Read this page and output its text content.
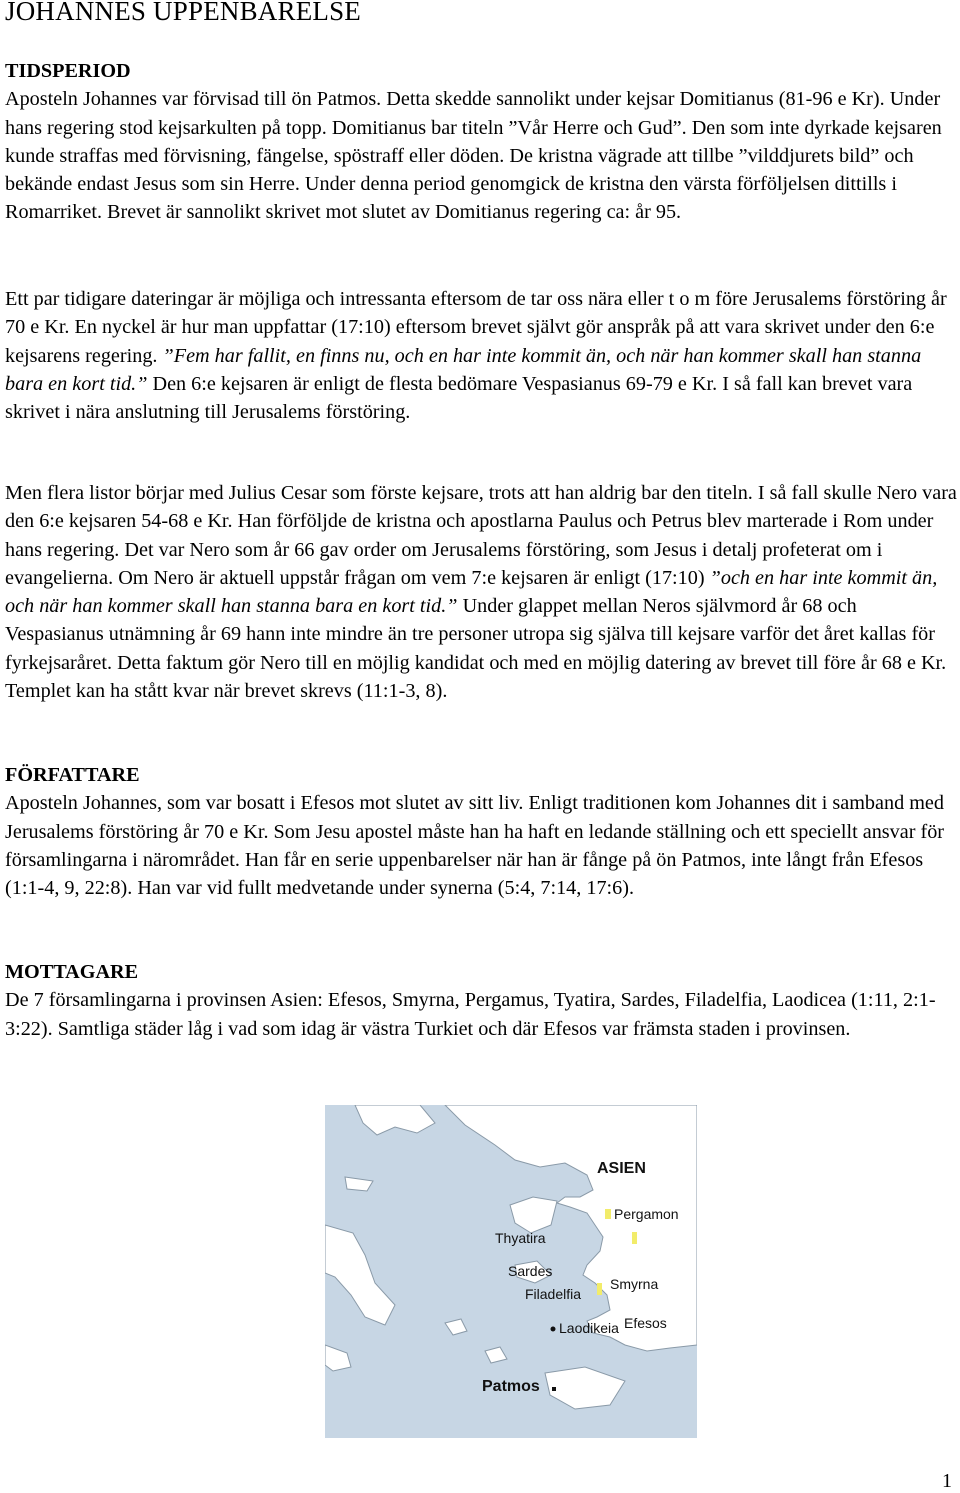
JOHANNES UPPENBARELSE
TIDSPERIOD

Aposteln Johannes var förvisad till ön Patmos. Detta skedde sannolikt under kejsar Domitianus (81-96 e Kr). Under hans regering stod kejsarkulten på topp. Domitianus bar titeln ”Vår Herre och Gud”. Den som inte dyrkade kejsaren kunde straffas med förvisning, fängelse, spöstraff eller döden. De kristna vägrade att tillbe ”vilddjurets bild” och bekände endast Jesus som sin Herre. Under denna period genomgick de kristna den värsta förföljelsen dittills i Romarriket. Brevet är sannolikt skrivet mot slutet av Domitianus regering ca: år 95.

Ett par tidigare dateringar är möjliga och intressanta eftersom de tar oss nära eller t o m före Jerusalems förstöring år 70 e Kr. En nyckel är hur man uppfattar (17:10) eftersom brevet självt gör anspråk på att vara skrivet under den 6:e kejsarens regering. ”Fem har fallit, en finns nu, och en har inte kommit än, och när han kommer skall han stanna bara en kort tid.” Den 6:e kejsaren är enligt de flesta bedömare Vespasianus 69-79 e Kr. I så fall kan brevet vara skrivet i nära anslutning till Jerusalems förstöring.

Men flera listor börjar med Julius Cesar som förste kejsare, trots att han aldrig bar den titeln. I så fall skulle Nero vara den 6:e kejsaren 54-68 e Kr. Han förföljde de kristna och apostlarna Paulus och Petrus blev marterade i Rom under hans regering. Det var Nero som år 66 gav order om Jerusalems förstöring, som Jesus i detalj profeterat om i evangelierna. Om Nero är aktuell uppstår frågan om vem 7:e kejsaren är enligt (17:10) ”och en har inte kommit än, och när han kommer skall han stanna bara en kort tid.” Under glappet mellan Neros självmord år 68 och Vespasianus utnämning år 69 hann inte mindre än tre personer utropa sig själva till kejsare varför det året kallas för fyrkejsaråret. Detta faktum gör Nero till en möjlig kandidat och med en möjlig datering av brevet till före år 68 e Kr. Templet kan ha stått kvar när brevet skrevs (11:1-3, 8).

FÖRFATTARE

Aposteln Johannes, som var bosatt i Efesos mot slutet av sitt liv. Enligt traditionen kom Johannes dit i samband med Jerusalems förstöring år 70 e Kr. Som Jesu apostel måste han ha haft en ledande ställning och ett speciellt ansvar för församlingarna i närområdet. Han får en serie uppenbarelser när han är fånge på ön Patmos, inte långt från Efesos (1:1-4, 9, 22:8). Han var vid fullt medvetande under synerna (5:4, 7:14, 17:6).

MOTTAGARE

De 7 församlingarna i provinsen Asien: Efesos, Smyrna, Pergamus, Tyatira, Sardes, Filadelfia, Laodicea (1:11, 2:1-3:22). Samtliga städer låg i vad som idag är västra Turkiet och där Efesos var främsta staden i provinsen.

ASIEN
Pergamon
Thyatira
Sardes
Smyrna
Filadelfia
Efesos
Laodikeia
Patmos
1
